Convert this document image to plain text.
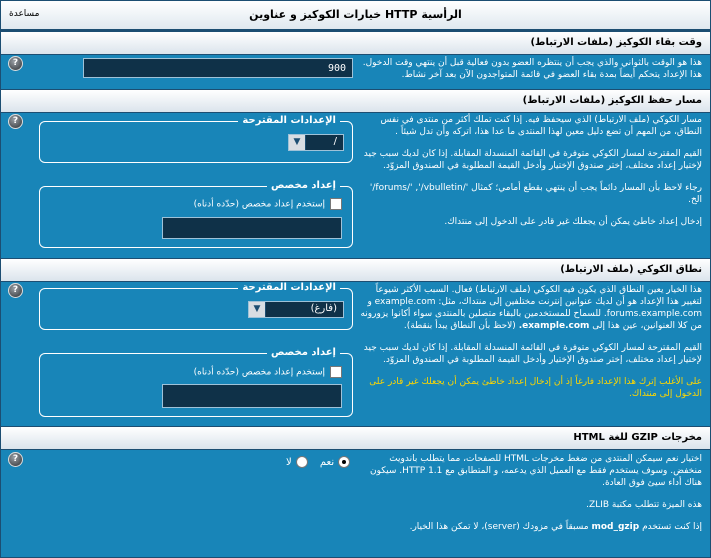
خيارات الكوكيز و عناوين HTTP الرأسية
مساعدة
وقت بقاء الكوكيز (ملفات الارتباط)
?	هذا هو الوقت بالثواني والذي يجب أن ينتظره العضو بدون فعالية قبل أن ينتهي وقت الدخول. هذا الإعداد يتحكم أيضاً بمدة بقاء العضو في قائمة المتواجدون الآن بعد آخر نشاط.

900
مسار حفظ الكوكيز (ملفات الارتباط)
?	مسار الكوكي (ملف الارتباط) الذي سيحفظ فيه. إذا كنت تملك أكثر من منتدى في نفس النطاق، من المهم أن تضع دليل معين لهذا المنتدى ما عدا هذا، اتركه وأن تدل شيئاً .

القيم المقترحة لمسار الكوكي متوفرة في القائمة المنسدلة المقابلة. إذا كان لديك سبب جيد لإختيار إعداد مختلف، إختر صندوق الإختيار وأدخل القيمة المطلوبة في الصندوق المزوّد.

رجاء لاحظ بأن المسار دائماً يجب أن ينتهي بقطع أمامي؛ كمثال '/forums/' ,'/vbulletin/' الخ.

إدخال إعداد خاطئ يمكن أن يجعلك غير قادر على الدخول إلى منتداك.

الإعدادات المقترحة
▼	/
إعداد مخصص
إستخدم إعداد مخصص (حدّده أدناه)
نطاق الكوكي (ملف الارتباط)
?	هذا الخيار يعين النطاق الذي يكون فيه الكوكي (ملف الارتباط) فعال. السبب الأكثر شيوعاً لتغيير هذا الإعداد هو أن لديك عنوانين إنترنت مختلفين إلى منتداك، مثل: example.com و forums.example.com. للسماح للمستخدمين بالبقاء متصلين بالمنتدى سواء أكانوا يزورونه من كلا العنوانين، عين هذا إلى .example.com (لاحظ بأن النطاق يبدأ بنقطة).

القيم المقترحة لمسار الكوكي متوفرة في القائمة المنسدلة المقابلة. إذا كان لديك سبب جيد لإختيار إعداد مختلف، إختر صندوق الإختيار وأدخل القيمة المطلوبة في الصندوق المزوّد.

على الأغلب إترك هذا الإعداد فارغاً إذ أن إدخال إعداد خاطئ يمكن أن يجعلك غير قادر على الدخول إلى منتداك.

الإعدادات المقترحة
▼	(فارغ)
إعداد مخصص
إستخدم إعداد مخصص (حدّده أدناه)
مخرجات GZIP للغة HTML
?	نعم لا	اختيار نعم سيمكن المنتدى من ضغط مخرجات HTML للصفحات، مما يتطلب باندويث منخفض. وسوف يستخدم فقط مع العميل الذي يدعمه، و المتطابق مع HTTP 1.1. سيكون هناك أداء سيئ فوق العادة.

هذه الميزة تتطلب مكتبة ZLIB.

إذا كنت تستخدم mod_gzip مسبقاً في مزودك (server)، لا تمكن هذا الخيار.
